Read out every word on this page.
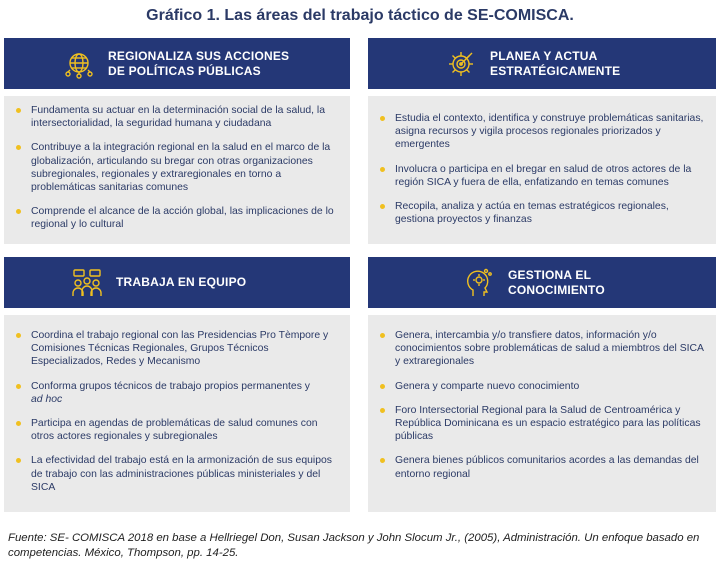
Gráfico 1. Las áreas del trabajo táctico de SE-COMISCA.
REGIONALIZA SUS ACCIONES
DE POLÍTICAS PÚBLICAS
PLANEA Y ACTUA
ESTRATÉGICAMENTE
Fundamenta su actuar en la determinación social de la salud, la intersectorialidad, la seguridad humana y ciudadana
Contribuye a la integración regional en la salud en el marco de la globalización, articulando su bregar con otras organizaciones subregionales, regionales y extraregionales en torno a problemáticas sanitarias comunes
Comprende el alcance de la acción global, las implicaciones de lo regional y lo cultural
Estudia el contexto, identifica y construye problemáticas sanitarias, asigna recursos y vigila procesos regionales priorizados y emergentes
Involucra o participa en el bregar en salud de otros actores de la región SICA y fuera de ella, enfatizando en temas comunes
Recopila, analiza y actúa en temas estratégicos regionales, gestiona proyectos y finanzas
TRABAJA EN EQUIPO
GESTIONA EL
CONOCIMIENTO
Coordina el trabajo regional con las Presidencias Pro Tèmpore y Comisiones Técnicas Regionales, Grupos Técnicos Especializados, Redes y Mecanismo
Conforma grupos técnicos de trabajo propios permanentes y
ad hoc
Participa en agendas de problemáticas de salud comunes con otros actores regionales y subregionales
La efectividad del trabajo está en la armonización de sus equipos de trabajo con las administraciones públicas ministeriales y del SICA
Genera, intercambia y/o transfiere datos, información y/o conocimientos sobre problemáticas de salud a miembtros del SICA y extraregionales
Genera y comparte nuevo conocimiento
Foro Intersectorial Regional para la Salud de Centroamérica y República Dominicana es un espacio estratégico para las políticas públicas
Genera bienes públicos comunitarios acordes a las demandas del entorno regional
Fuente: SE- COMISCA 2018 en base a Hellriegel Don, Susan Jackson y John Slocum Jr., (2005), Administración. Un enfoque basado en competencias. México, Thompson, pp. 14-25.
